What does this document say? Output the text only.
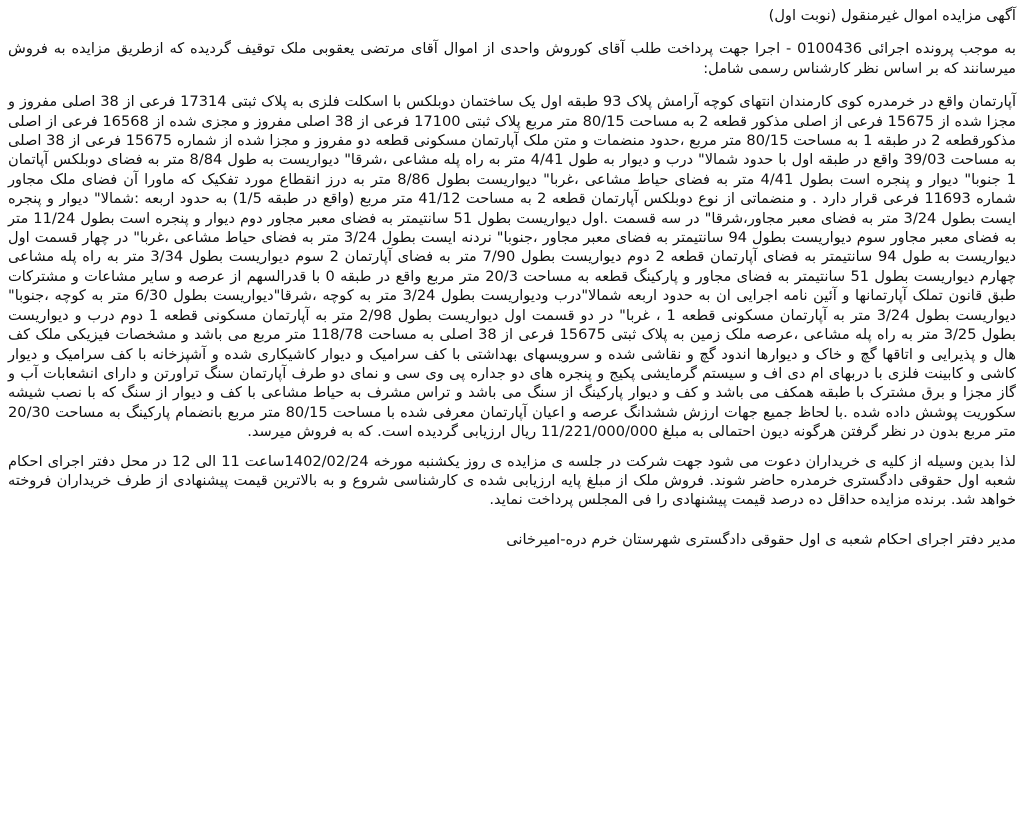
آگهی مزایده اموال غیرمنقول (نوبت اول)

به موجب پرونده اجرائی 0100436 - اجرا جهت پرداخت طلب آقای کوروش واحدی از اموال آقای مرتضی یعقوبی ملک توقیف گردیده که ازطریق مزایده به فروش میرسانند که بر اساس نظر کارشناس رسمی شامل:

آپارتمان واقع در خرمدره کوی کارمندان انتهای کوچه آرامش پلاک 93 طبقه اول یک ساختمان دوبلکس با اسکلت فلزی به پلاک ثبتی 17314 فرعی از 38 اصلی مفروز و مجزا شده از 15675 فرعی از اصلی مذکور قطعه 2 به مساحت 80/15 متر مربع پلاک ثبتی 17100 فرعی از 38 اصلی مفروز و مجزی شده از 16568 فرعی از اصلی مذکورقطعه 2 در طبقه 1 به مساحت 80/15 متر مربع ،حدود منضمات و متن ملک آپارتمان مسکونی قطعه دو مفروز و مجزا شده از شماره 15675 فرعی از 38 اصلی به مساحت 39/03 واقع در طبقه اول با حدود شمالا" درب و دیوار به طول 4/41 متر به راه پله مشاعی ،شرقا" دیواریست به طول 8/84 متر به فضای دوبلکس آپاتمان 1 جنوبا" دیوار و پنجره است بطول 4/41 متر به فضای حیاط مشاعی ،غربا" دیواریست بطول 8/86 متر به درز انقطاع مورد تفکیک که ماورا آن فضای ملک مجاور شماره 11693 فرعی قرار دارد . و منضماتی از نوع دوبلکس آپارتمان قطعه 2 به مساحت 41/12 متر مربع (واقع در طبقه 1/5) به حدود اربعه :شمالا" دیوار و پنجره ایست بطول 3/24 متر به فضای معبر مجاور،شرقا" در سه قسمت .اول دیواریست بطول 51 سانتیمتر به فضای معبر مجاور دوم دیوار و پنجره است بطول 11/24 متر به فضای معبر مجاور سوم دیواریست بطول 94 سانتیمتر به فضای معبر مجاور ،جنوبا" نردنه ایست بطول 3/24 متر به فضای حیاط مشاعی ،غربا" در چهار قسمت اول دیواریست به طول 94 سانتیمتر به فضای آپارتمان قطعه 2 دوم دیواریست بطول 7/90 متر به فضای آپارتمان 2 سوم دیواریست بطول 3/34 متر به راه پله مشاعی چهارم دیواریست بطول 51 سانتیمتر به فضای مجاور و پارکینگ قطعه به مساحت 20/3 متر مربع واقع در طبقه 0 با قدرالسهم از عرصه و سایر مشاعات و مشترکات طبق قانون تملک آپارتمانها و آئین نامه اجرایی ان به حدود اربعه شمالا"درب ودیواریست بطول 3/24 متر به کوچه ،شرقا"دیواریست بطول 6/30 متر به کوچه ،جنوبا" دیواریست بطول 3/24 متر به آپارتمان مسکونی قطعه 1 ، غربا" در دو قسمت اول دیواریست بطول 2/98 متر به آپارتمان مسکونی قطعه 1 دوم درب و دیواریست بطول 3/25 متر به راه پله مشاعی ،عرصه ملک زمین به پلاک ثبتی 15675 فرعی از 38 اصلی به مساحت 118/78 متر مربع می باشد و مشخصات فیزیکی ملک کف هال و پذیرایی و اتاقها گچ و خاک و دیوارها اندود گچ و نقاشی شده و سرویسهای بهداشتی با کف سرامیک و دیوار کاشیکاری شده و آشپزخانه با کف سرامیک و دیوار کاشی و کابینت فلزی با دربهای ام دی اف و سیستم گرمایشی پکیج و پنجره های دو جداره پی وی سی و نمای دو طرف آپارتمان سنگ تراورتن و دارای انشعابات آب و گاز مجزا و برق مشترک با طبقه همکف می باشد و کف و دیوار پارکینگ از سنگ می باشد و تراس مشرف به حیاط مشاعی با کف و دیوار از سنگ که با نصب شیشه سکوریت پوشش داده شده .با لحاظ جمیع جهات ارزش ششدانگ عرصه و اعیان آپارتمان معرفی شده با مساحت 80/15 متر مربع بانضمام پارکینگ به مساحت 20/30 متر مربع بدون در نظر گرفتن هرگونه دیون احتمالی به مبلغ 11/221/000/000 ریال ارزیابی گردیده است. که به فروش میرسد.

لذا بدین وسیله از کلیه ی خریداران دعوت می شود جهت شرکت در جلسه ی مزایده ی روز یکشنبه مورخه 1402/02/24ساعت 11 الی 12 در محل دفتر اجرای احکام شعبه اول حقوقی دادگستری خرمدره حاضر شوند. فروش ملک از مبلغ پایه ارزیابی شده ی کارشناسی شروع و به بالاترین قیمت پیشنهادی از طرف خریداران فروخته خواهد شد. برنده مزایده حداقل ده درصد قیمت پیشنهادی را فی المجلس پرداخت نماید.

مدیر دفتر اجرای احکام شعبه ی اول حقوقی دادگستری شهرستان خرم دره-امیرخانی
